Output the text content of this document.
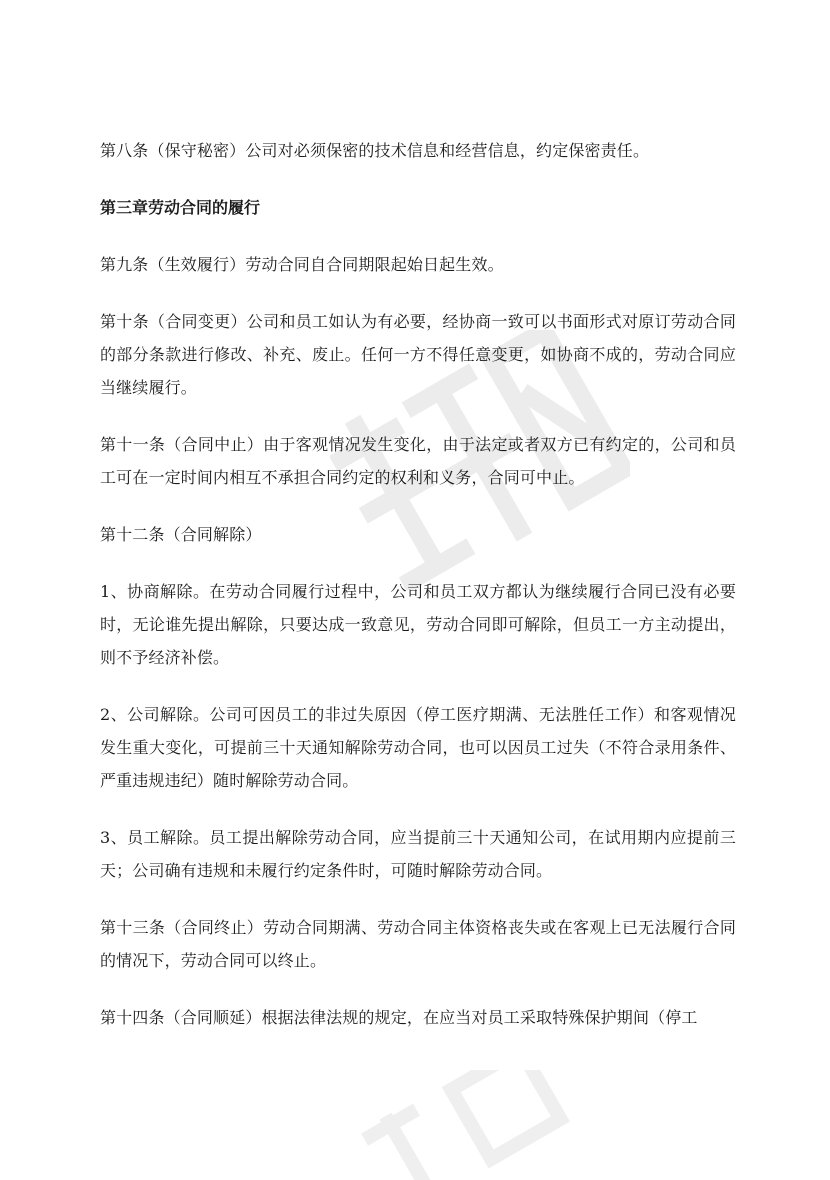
第八条（保守秘密）公司对必须保密的技术信息和经营信息，约定保密责任。

第三章劳动合同的履行

第九条（生效履行）劳动合同自合同期限起始日起生效。

第十条（合同变更）公司和员工如认为有必要，经协商一致可以书面形式对原订劳动合同的部分条款进行修改、补充、废止。任何一方不得任意变更，如协商不成的，劳动合同应当继续履行。

第十一条（合同中止）由于客观情况发生变化，由于法定或者双方已有约定的，公司和员工可在一定时间内相互不承担合同约定的权利和义务，合同可中止。

第十二条（合同解除）

1、协商解除。在劳动合同履行过程中，公司和员工双方都认为继续履行合同已没有必要时，无论谁先提出解除，只要达成一致意见，劳动合同即可解除，但员工一方主动提出，则不予经济补偿。

2、公司解除。公司可因员工的非过失原因（停工医疗期满、无法胜任工作）和客观情况发生重大变化，可提前三十天通知解除劳动合同，也可以因员工过失（不符合录用条件、严重违规违纪）随时解除劳动合同。

3、员工解除。员工提出解除劳动合同，应当提前三十天通知公司，在试用期内应提前三天；公司确有违规和未履行约定条件时，可随时解除劳动合同。

第十三条（合同终止）劳动合同期满、劳动合同主体资格丧失或在客观上已无法履行合同的情况下，劳动合同可以终止。

第十四条（合同顺延）根据法律法规的规定，在应当对员工采取特殊保护期间（停工
